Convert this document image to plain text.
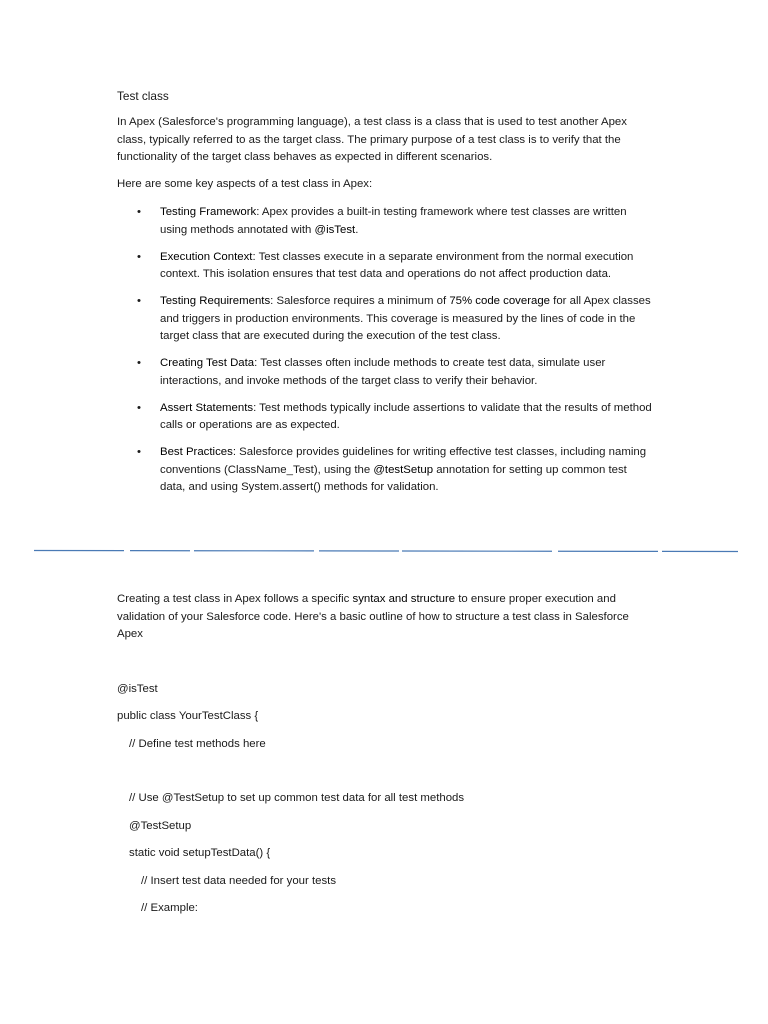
Test class

In Apex (Salesforce's programming language), a test class is a class that is used to test another Apex class, typically referred to as the target class. The primary purpose of a test class is to verify that the functionality of the target class behaves as expected in different scenarios.

Here are some key aspects of a test class in Apex:

• Testing Framework: Apex provides a built-in testing framework where test classes are written using methods annotated with @isTest.
• Execution Context: Test classes execute in a separate environment from the normal execution context. This isolation ensures that test data and operations do not affect production data.
• Testing Requirements: Salesforce requires a minimum of 75% code coverage for all Apex classes and triggers in production environments. This coverage is measured by the lines of code in the target class that are executed during the execution of the test class.
• Creating Test Data: Test classes often include methods to create test data, simulate user interactions, and invoke methods of the target class to verify their behavior.
• Assert Statements: Test methods typically include assertions to validate that the results of method calls or operations are as expected.
• Best Practices: Salesforce provides guidelines for writing effective test classes, including naming conventions (ClassName_Test), using the @testSetup annotation for setting up common test data, and using System.assert() methods for validation.

Creating a test class in Apex follows a specific syntax and structure to ensure proper execution and validation of your Salesforce code. Here's a basic outline of how to structure a test class in Salesforce Apex

@isTest

public class YourTestClass {

// Define test methods here

// Use @TestSetup to set up common test data for all test methods

@TestSetup

static void setupTestData() {

// Insert test data needed for your tests

// Example:
